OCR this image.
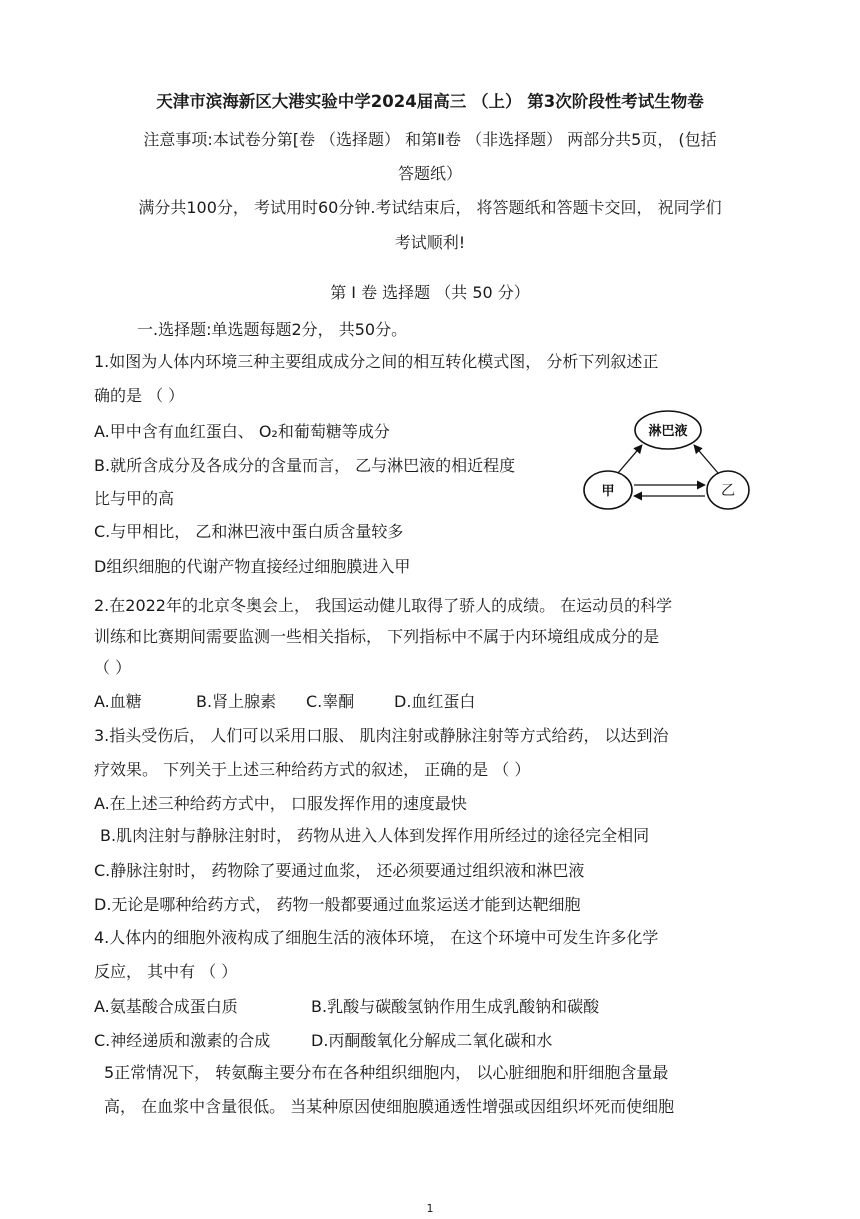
天津市滨海新区大港实验中学2024届高三 （上） 第3次阶段性考试生物卷
注意事项:本试卷分第[卷 （选择题） 和第Ⅱ卷 （非选择题） 两部分共5页， (包括
答题纸）
满分共100分， 考试用时60分钟.考试结束后， 将答题纸和答题卡交回， 祝同学们
考试顺利!
第 I 卷 选择题 （共 50 分）
一.选择题:单选题每题2分， 共50分。
1.如图为人体内环境三种主要组成成分之间的相互转化模式图， 分析下列叙述正
确的是 （ ）
A.甲中含有血红蛋白、 O₂和葡萄糖等成分
B.就所含成分及各成分的含量而言， 乙与淋巴液的相近程度
比与甲的高
C.与甲相比， 乙和淋巴液中蛋白质含量较多
D组织细胞的代谢产物直接经过细胞膜进入甲
淋巴液
甲	乙
2.在2022年的北京冬奥会上， 我国运动健儿取得了骄人的成绩。 在运动员的科学
训练和比赛期间需要监测一些相关指标， 下列指标中不属于内环境组成成分的是
（ ）
A.血糖	B.肾上腺素 C.睾酮 D.血红蛋白
3.指头受伤后， 人们可以采用口服、 肌肉注射或静脉注射等方式给药， 以达到治
疗效果。 下列关于上述三种给药方式的叙述， 正确的是 （ ）
A.在上述三种给药方式中， 口服发挥作用的速度最快
B.肌肉注射与静脉注射时， 药物从进入人体到发挥作用所经过的途径完全相同
C.静脉注射时， 药物除了要通过血浆， 还必须要通过组织液和淋巴液
D.无论是哪种给药方式， 药物一般都要通过血浆运送才能到达靶细胞
4.人体内的细胞外液构成了细胞生活的液体环境， 在这个环境中可发生许多化学
反应， 其中有 （ ）
A.氨基酸合成蛋白质	B.乳酸与碳酸氢钠作用生成乳酸钠和碳酸
C.神经递质和激素的合成	D.丙酮酸氧化分解成二氧化碳和水
5正常情况下， 转氨酶主要分布在各种组织细胞内， 以心脏细胞和肝细胞含量最
高， 在血浆中含量很低。 当某种原因使细胞膜通透性增强或因组织坏死而使细胞
1
